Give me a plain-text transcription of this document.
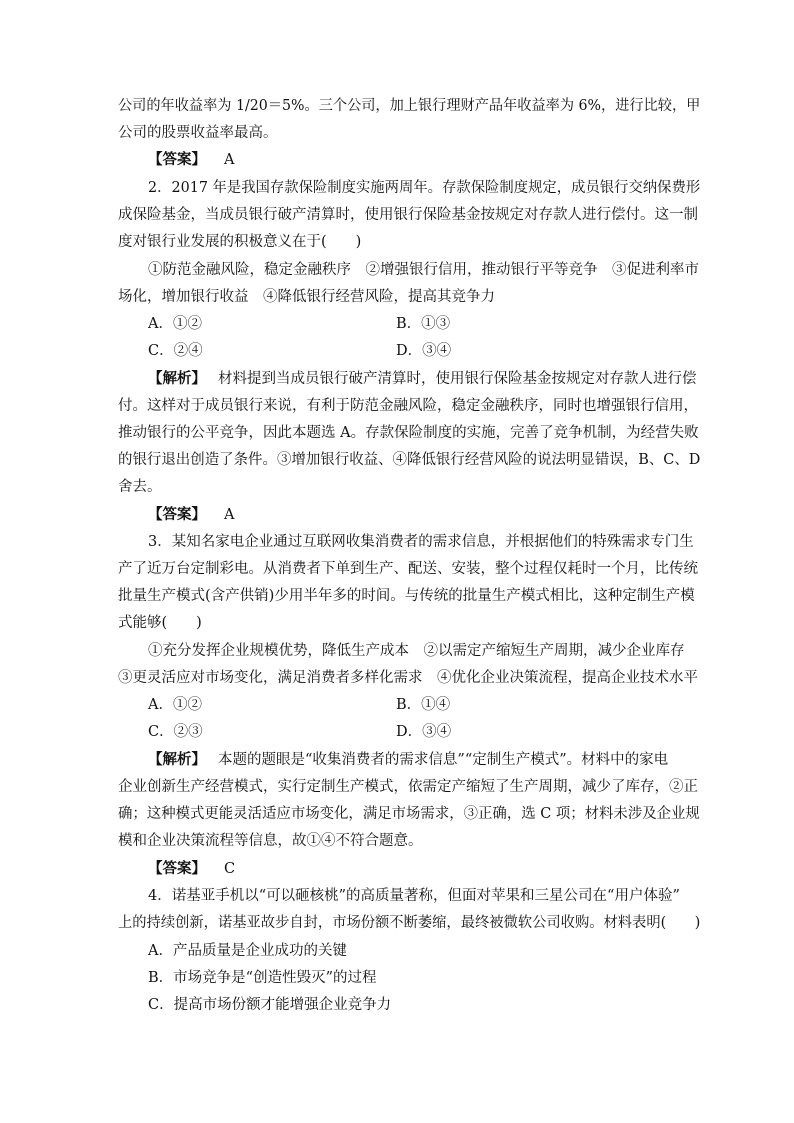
公司的年收益率为 1/20＝5%。三个公司，加上银行理财产品年收益率为 6%，进行比较，甲
公司的股票收益率最高。
【答案】 A
2．2017 年是我国存款保险制度实施两周年。存款保险制度规定，成员银行交纳保费形
成保险基金，当成员银行破产清算时，使用银行保险基金按规定对存款人进行偿付。这一制
度对银行业发展的积极意义在于(　　)
①防范金融风险，稳定金融秩序　②增强银行信用，推动银行平等竞争　③促进利率市
场化，增加银行收益　④降低银行经营风险，提高其竞争力
A．①②	B．①③
C．②④	D．③④
【解析】 材料提到当成员银行破产清算时，使用银行保险基金按规定对存款人进行偿
付。这样对于成员银行来说，有利于防范金融风险，稳定金融秩序，同时也增强银行信用，
推动银行的公平竞争，因此本题选 A。存款保险制度的实施，完善了竞争机制，为经营失败
的银行退出创造了条件。③增加银行收益、④降低银行经营风险的说法明显错误，B、C、D
舍去。
【答案】 A
3．某知名家电企业通过互联网收集消费者的需求信息，并根据他们的特殊需求专门生
产了近万台定制彩电。从消费者下单到生产、配送、安装，整个过程仅耗时一个月，比传统
批量生产模式(含产供销)少用半年多的时间。与传统的批量生产模式相比，这种定制生产模
式能够(　　)
①充分发挥企业规模优势，降低生产成本　②以需定产缩短生产周期，减少企业库存
③更灵活应对市场变化，满足消费者多样化需求　④优化企业决策流程，提高企业技术水平
A．①②	B．①④
C．②③	D．③④
【解析】 本题的题眼是“收集消费者的需求信息”“定制生产模式”。材料中的家电
企业创新生产经营模式，实行定制生产模式，依需定产缩短了生产周期，减少了库存，②正
确；这种模式更能灵活适应市场变化，满足市场需求，③正确，选 C 项；材料未涉及企业规
模和企业决策流程等信息，故①④不符合题意。
【答案】 C
4．诺基亚手机以“可以砸核桃”的高质量著称，但面对苹果和三星公司在“用户体验”
上的持续创新，诺基亚故步自封，市场份额不断萎缩，最终被微软公司收购。材料表明(　　)
A．产品质量是企业成功的关键
B．市场竞争是“创造性毁灭”的过程
C．提高市场份额才能增强企业竞争力
